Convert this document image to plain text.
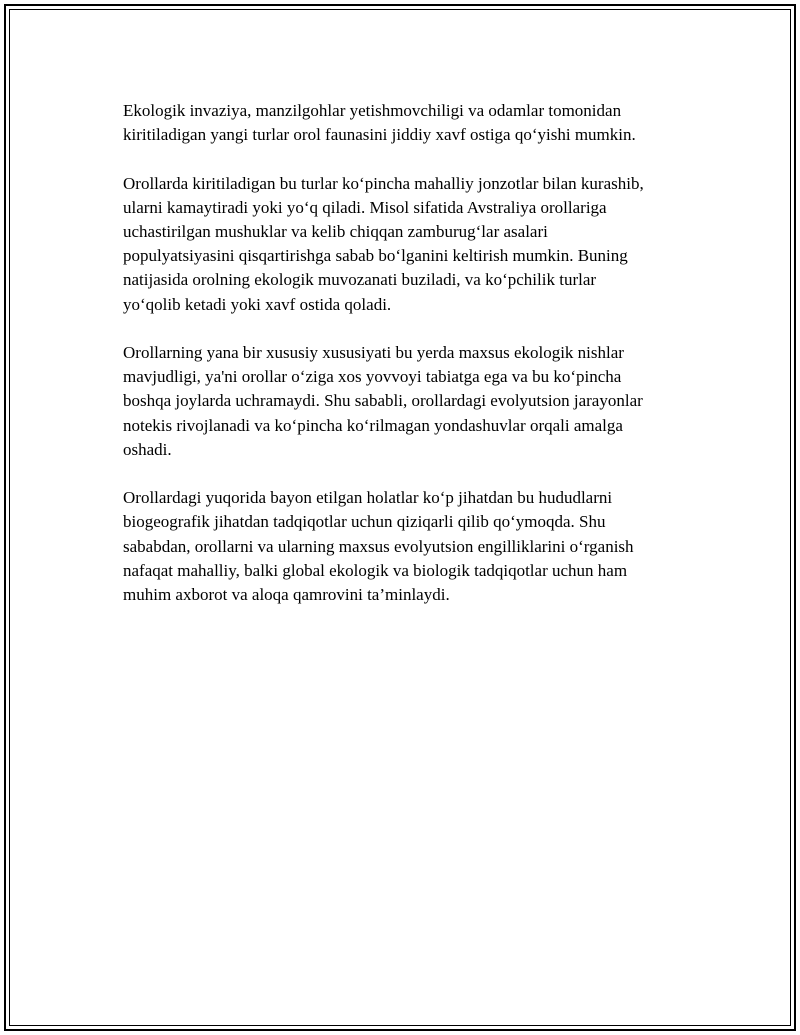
Ekologik invaziya, manzilgohlar yetishmovchiligi va odamlar tomonidan
kiritiladigan yangi turlar orol faunasini jiddiy xavf ostiga qo‘yishi mumkin.

Orollarda kiritiladigan bu turlar ko‘pincha mahalliy jonzotlar bilan kurashib,
ularni kamaytiradi yoki yo‘q qiladi. Misol sifatida Avstraliya orollariga
uchastirilgan mushuklar va kelib chiqqan zamburug‘lar asalari
populyatsiyasini qisqartirishga sabab bo‘lganini keltirish mumkin. Buning
natijasida orolning ekologik muvozanati buziladi, va ko‘pchilik turlar
yo‘qolib ketadi yoki xavf ostida qoladi.

Orollarning yana bir xususiy xususiyati bu yerda maxsus ekologik nishlar
mavjudligi, ya'ni orollar o‘ziga xos yovvoyi tabiatga ega va bu ko‘pincha
boshqa joylarda uchramaydi. Shu sababli, orollardagi evolyutsion jarayonlar
notekis rivojlanadi va ko‘pincha ko‘rilmagan yondashuvlar orqali amalga
oshadi.

Orollardagi yuqorida bayon etilgan holatlar ko‘p jihatdan bu hududlarni
biogeografik jihatdan tadqiqotlar uchun qiziqarli qilib qo‘ymoqda. Shu
sababdan, orollarni va ularning maxsus evolyutsion engilliklarini o‘rganish
nafaqat mahalliy, balki global ekologik va biologik tadqiqotlar uchun ham
muhim axborot va aloqa qamrovini ta’minlaydi.
